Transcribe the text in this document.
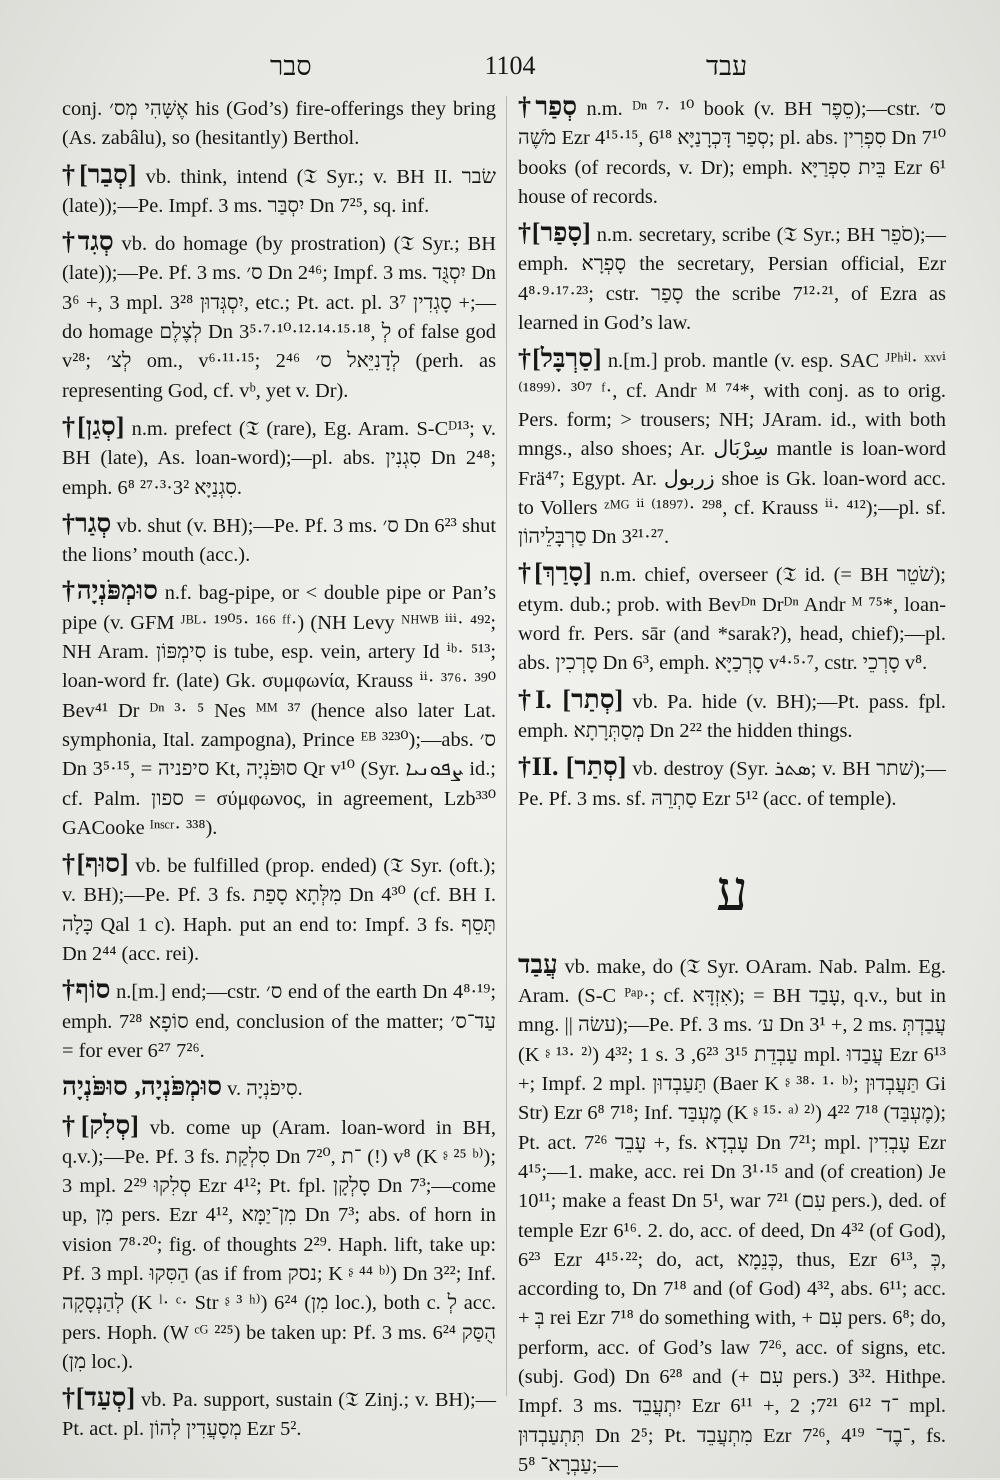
סבר	1104	עבד

conj. אֶשָּׁהִי מְס׳ his (God’s) fire-offerings they bring (As. zabâlu), so (hesitantly) Berthol.

†[סְבַר] vb. think, intend (𝔗 Syr.; v. BH II. שׂבר (late));—Pe. Impf. 3 ms. יִסְבַּר Dn 7²⁵, sq. inf.

†סְגִד vb. do homage (by prostration) (𝔗 Syr.; BH (late));—Pe. Pf. 3 ms. ס׳ Dn 2⁴⁶; Impf. 3 ms. יִסְגֻּד Dn 3⁶ +, 3 mpl. יִסְגְּדוּן 3²⁸, etc.; Pt. act. pl. סָגְדִין 3⁷ +;—do homage לְצֶלֶם Dn 3⁵·⁷·¹⁰·¹²·¹⁴·¹⁵·¹⁸, לְ of false god v²⁸; לְצ׳ om., v⁶·¹¹·¹⁵; לְדָנִיֵּאל ס׳ 2⁴⁶ (perh. as representing God, cf. vᵇ, yet v. Dr).

†[סְגַן] n.m. prefect (𝔗 (rare), Eg. Aram. S-Cᴰ¹³; v. BH (late), As. loan-word);—pl. abs. סִגְנִין Dn 2⁴⁸; emph. סִגְנַיָּא 3²·³·²⁷ 6⁸.

†סְגַר vb. shut (v. BH);—Pe. Pf. 3 ms. ס׳ Dn 6²³ shut the lions’ mouth (acc.).

†סוּמְפֹּנְיָה n.f. bag-pipe, or < double pipe or Pan’s pipe (v. GFM ᴶᴮᴸ· ¹⁹⁰⁵· ¹⁶⁶ ᶠᶠ·) (NH Levy ᴺᴴᵂᴮ ⁱⁱⁱ· ⁴⁹²; NH Aram. סִימְפּוֹן is tube, esp. vein, artery Id ⁱᵇ· ⁵¹³; loan-word fr. (late) Gk. συμφωνία, Krauss ⁱⁱ· ³⁷⁶· ³⁹⁰ Bev⁴¹ Dr ᴰⁿ ³· ⁵ Nes ᴹᴹ ³⁷ (hence also later Lat. symphonia, Ital. zampogna), Prince ᴱᴮ ³²³⁰);—abs. ס׳ Dn 3⁵·¹⁵, = סיפניה Kt, סוּפֹּנְיָה Qr v¹⁰ (Syr. ܨܦܘܢܝܐ id.; cf. Palm. ספון = σύμφωνος, in agreement, Lzb³³⁰ GACooke ᴵⁿˢᶜʳ· ³³⁸).

†[סוּף] vb. be fulfilled (prop. ended) (𝔗 Syr. (oft.); v. BH);—Pe. Pf. 3 fs. מִלְּתָא סָפַת Dn 4³⁰ (cf. BH I. כָּלָה Qal 1 c). Haph. put an end to: Impf. 3 fs. תָּסֵף Dn 2⁴⁴ (acc. rei).

†סוֹף n.[m.] end;—cstr. ס׳ end of the earth Dn 4⁸·¹⁹; emph. סוֹפָא 7²⁸ end, conclusion of the matter; עַד־ס׳ = for ever 6²⁷ 7²⁶.

סוּמְפֹּנְיָה, סוּפֹּנְיָה v. סִיפֹנְיָה.

†[סְלִק] vb. come up (Aram. loan-word in BH, q.v.);—Pe. Pf. 3 fs. סִלְקַת Dn 7²⁰, ־ת (!) v⁸ (K ᶳ ²⁵ ᵇ⁾); 3 mpl. סְלִקוּ 2²⁹ Ezr 4¹²; Pt. fpl. סָלְקָן Dn 7³;—come up, מִן pers. Ezr 4¹², מִן־יַמָּא Dn 7³; abs. of horn in vision 7⁸·²⁰; fig. of thoughts 2²⁹. Haph. lift, take up: Pf. 3 mpl. הַסִּקוּ (as if from נסק; K ᶳ ⁴⁴ ᵇ⁾) Dn 3²²; Inf. לְהַנְסָקָה (K ˡ· ᶜ· Str ᶳ ³ ʰ⁾) 6²⁴ (מִן loc.), both c. לְ acc. pers. Hoph. (W ᶜᴳ ²²⁵) be taken up: Pf. 3 ms. הֻסַּק 6²⁴ (מִן loc.).

†[סְעַד] vb. Pa. support, sustain (𝔗 Zinj.; v. BH);—Pt. act. pl. מְסָעֲדִין לְהוֹן Ezr 5².

†סְפַר n.m. ᴰⁿ ⁷· ¹⁰ book (v. BH סֵפֶר);—cstr. ס׳ מֹשֶׁה Ezr 4¹⁵·¹⁵, סְפַר דָּכְרָנַיָּא 6¹⁸; pl. abs. סִפְרִין Dn 7¹⁰ books (of records, v. Dr); emph. בֵּית סִפְרַיָּא Ezr 6¹ house of records.

†[סָפַר] n.m. secretary, scribe (𝔗 Syr.; BH סֹפֵר);—emph. סָפְרָא the secretary, Persian official, Ezr 4⁸·⁹·¹⁷·²³; cstr. סָפַר the scribe 7¹²·²¹, of Ezra as learned in God’s law.

†[סַרְבָּל] n.[m.] prob. mantle (v. esp. SAC ᴶᴾʰⁱˡ· ˣˣᵛⁱ ⁽¹⁸⁹⁹⁾· ³⁰⁷ ᶠ·, cf. Andr ᴹ ⁷⁴*, with conj. as to orig. Pers. form; > trousers; NH; JAram. id., with both mngs., also shoes; Ar. سِرْبَال mantle is loan-word Frä⁴⁷; Egypt. Ar. زربول shoe is Gk. loan-word acc. to Vollers ᶻᴹᴳ ⁱⁱ ⁽¹⁸⁹⁷⁾· ²⁹⁸, cf. Krauss ⁱⁱ· ⁴¹²);—pl. sf. סַרְבָּלֵיהוֹן Dn 3²¹·²⁷.

†[סָרַךְ] n.m. chief, overseer (𝔗 id. (= BH שֹׁטֵר); etym. dub.; prob. with Bevᴰⁿ Drᴰⁿ Andr ᴹ ⁷⁵*, loan-word fr. Pers. sār (and *sarak?), head, chief);—pl. abs. סָרְכִין Dn 6³, emph. סָרְכַיָּא v⁴·⁵·⁷, cstr. סָרְכֵי v⁸.

†I. [סְתַר] vb. Pa. hide (v. BH);—Pt. pass. fpl. emph. מְסַתְּרָתָא Dn 2²² the hidden things.

†II. [סְתַר] vb. destroy (Syr. ܣܬܪ; v. BH שׁתר);—Pe. Pf. 3 ms. sf. סַתְרֵהּ Ezr 5¹² (acc. of temple).

ע

עֲבַד vb. make, do (𝔗 Syr. OAram. Nab. Palm. Eg. Aram. (S-C ᴾᵃᵖ·; cf. אִזְדָּא); = BH עָבַד, q.v., but in mng. || עשׂה);—Pe. Pf. 3 ms. ע׳ Dn 3¹ +, 2 ms. עֲבַדְתְּ (K ᶳ ¹³· ²⁾) 4³²; 1 s. עַבְדֵת 3¹⁵ 6²³, 3 mpl. עֲבַדוּ Ezr 6¹³ +; Impf. 2 mpl. תַּעַבְדוּן (Baer K ᶳ ³⁸· ¹· ᵇ⁾; תַּעֲבְדוּן Gi Str) Ezr 6⁸ 7¹⁸; Inf. מֶעְבַּד (K ᶳ ¹⁵· ᵃ⁾ ²⁾) 4²² 7¹⁸ (מֶעְבַּד); Pt. act. עָבֵד 7²⁶ +, fs. עָבְדָא Dn 7²¹; mpl. עָבְדִין Ezr 4¹⁵;—1. make, acc. rei Dn 3¹·¹⁵ and (of creation) Je 10¹¹; make a feast Dn 5¹, war 7²¹ (עִם pers.), ded. of temple Ezr 6¹⁶. 2. do, acc. of deed, Dn 4³² (of God), 6²³ Ezr 4¹⁵·²²; do, act, כְּנֵמָא, thus, Ezr 6¹³, כְּ, according to, Dn 7¹⁸ and (of God) 4³², abs. 6¹¹; acc. + בְּ rei Ezr 7¹⁸ do something with, + עִם pers. 6⁸; do, perform, acc. of God’s law 7²⁶, acc. of signs, etc. (subj. God) Dn 6²⁸ and (+ עִם pers.) 3³². Hithpe. Impf. 3 ms. יִתְעֲבֵד Ezr 6¹¹ +, ־ד 6¹² 7²¹; 2 mpl. תִּתְעַבְדוּן Dn 2⁵; Pt. מִתְעֲבֵד Ezr 7²⁶, ־בֶד־ 4¹⁹, fs. עַבְרָא־ 5⁸;—
